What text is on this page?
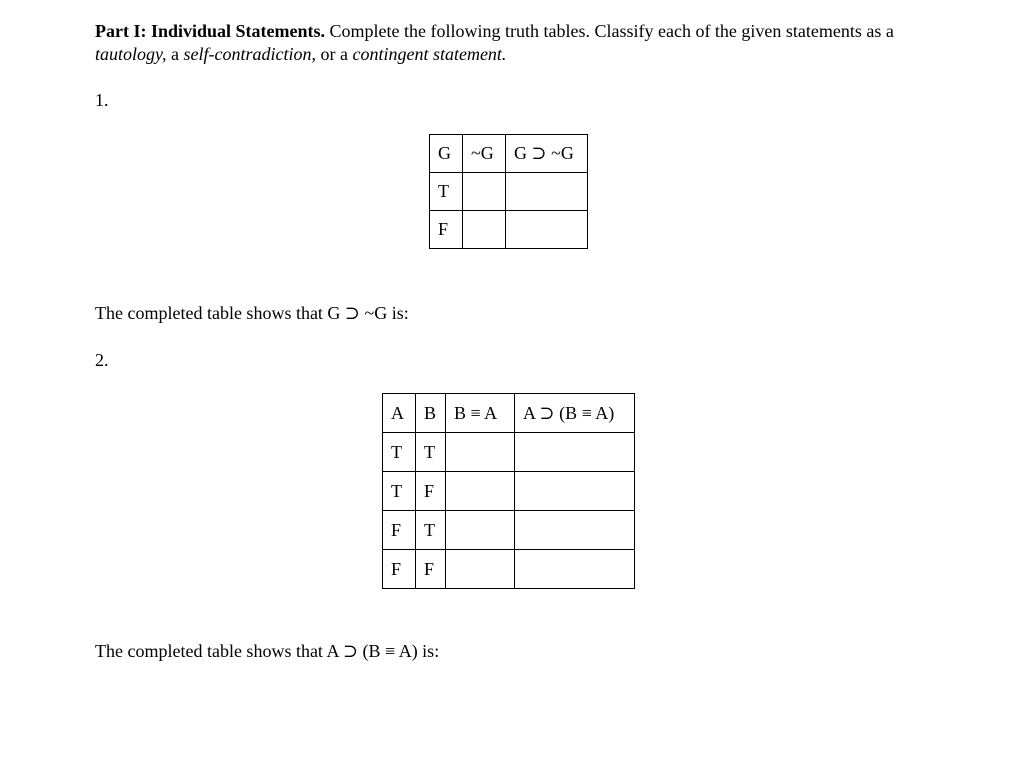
Part I: Individual Statements. Complete the following truth tables. Classify each of the given statements as a tautology, a self-contradiction, or a contingent statement.
1.
G	~G	G ⊃ ~G
T		
F		
The completed table shows that G ⊃ ~G is:
2.
A	B	B ≡ A	A ⊃ (B ≡ A)
T	T		
T	F		
F	T		
F	F		
The completed table shows that A ⊃ (B ≡ A) is:
